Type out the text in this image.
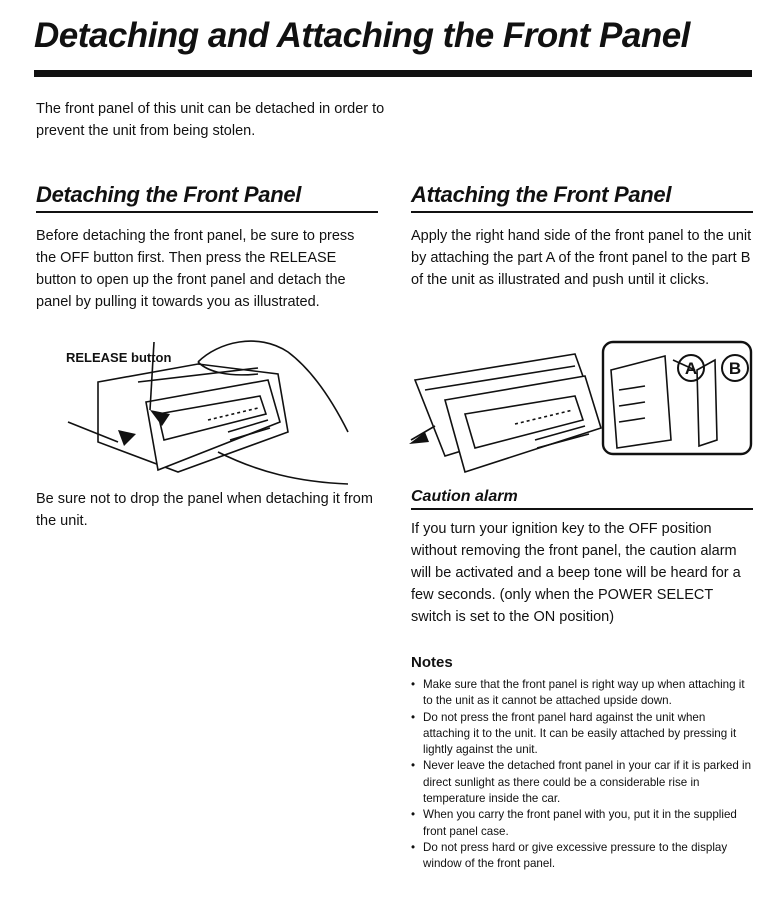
Detaching and Attaching the Front Panel

The front panel of this unit can be detached in order to prevent the unit from being stolen.

Detaching the Front Panel

Before detaching the front panel, be sure to press the OFF button first. Then press the RELEASE button to open up the front panel and detach the panel by pulling it towards you as illustrated.

RELEASE button

Be sure not to drop the panel when detaching it from the unit.

Attaching the Front Panel

Apply the right hand side of the front panel to the unit by attaching the part A of the front panel to the part B of the unit as illustrated and push until it clicks.

A B
Caution alarm

If you turn your ignition key to the OFF position without removing the front panel, the caution alarm will be activated and a beep tone will be heard for a few seconds. (only when the POWER SELECT switch is set to the ON position)

Notes
• Make sure that the front panel is right way up when attaching it to the unit as it cannot be attached upside down.
• Do not press the front panel hard against the unit when attaching it to the unit. It can be easily attached by pressing it lightly against the unit.
• Never leave the detached front panel in your car if it is parked in direct sunlight as there could be a considerable rise in temperature inside the car.
• When you carry the front panel with you, put it in the supplied front panel case.
• Do not press hard or give excessive pressure to the display window of the front panel.
